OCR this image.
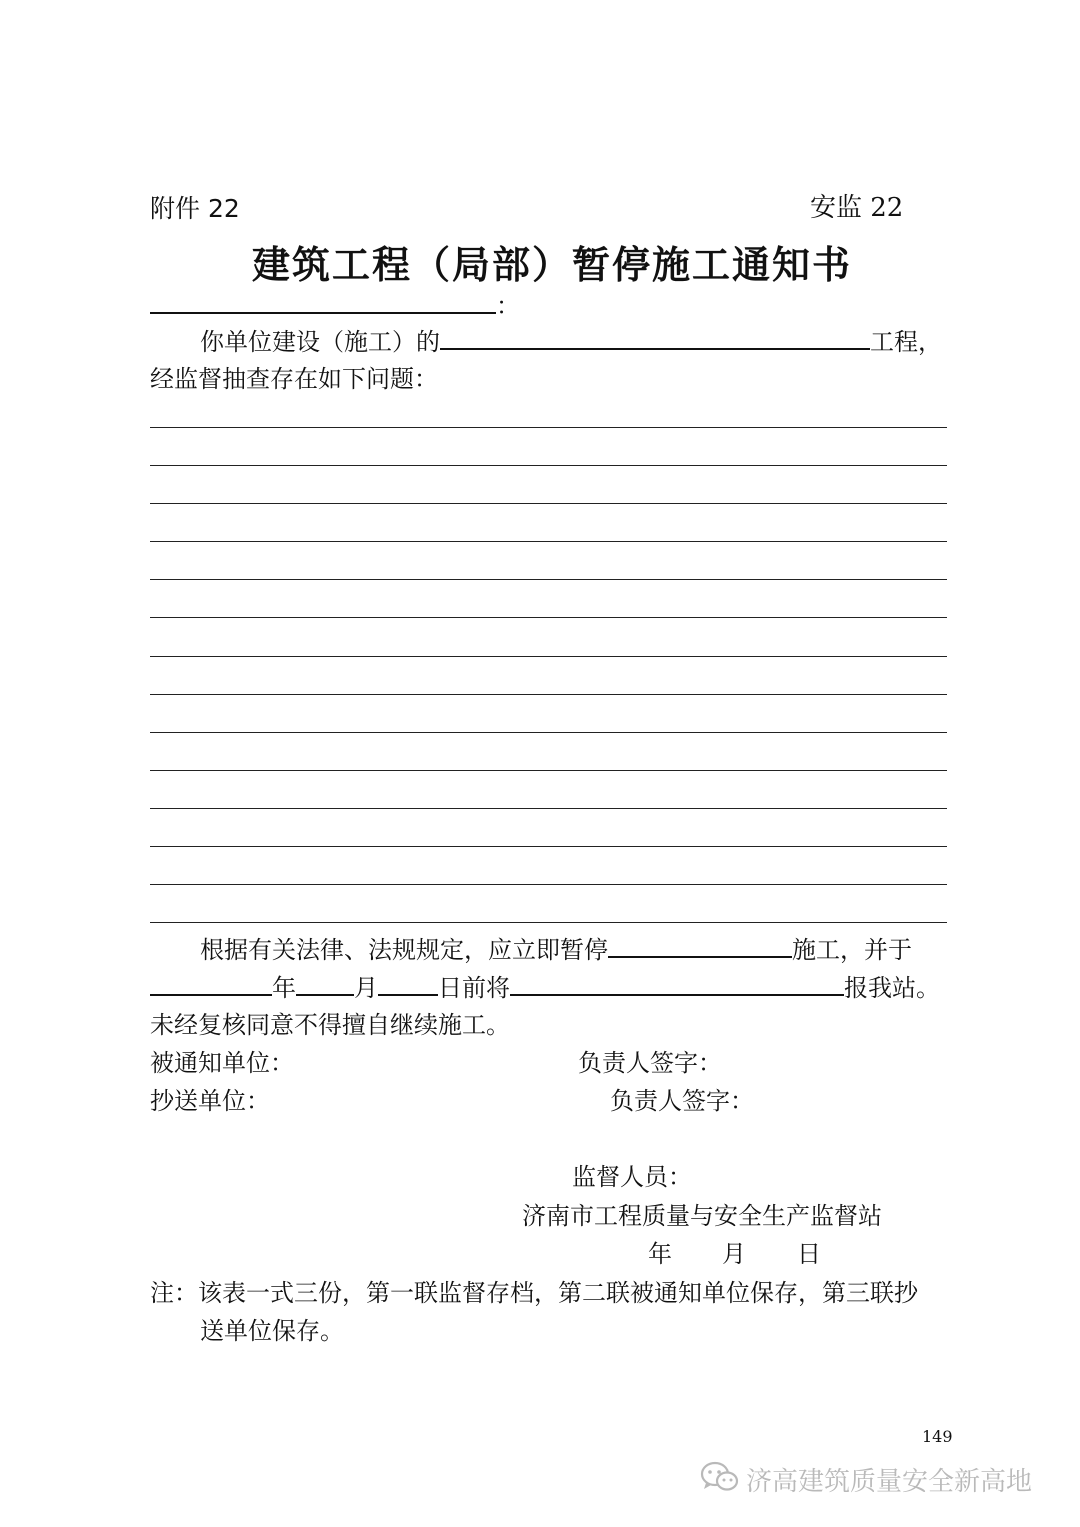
附件 22	安监 22
建筑工程（局部）暂停施工通知书
：
你单位建设（施工）的	工程，
经监督抽查存在如下问题：
根据有关法律、法规规定，应立即暂停	施工，并于
年 月	日前将	报我站。
未经复核同意不得擅自继续施工。
被通知单位：	负责人签字：
抄送单位：	负责人签字：
监督人员：
济南市工程质量与安全生产监督站
年 月 日
注：该表一式三份，第一联监督存档，第二联被通知单位保存，第三联抄
送单位保存。
149
济高建筑质量安全新高地
